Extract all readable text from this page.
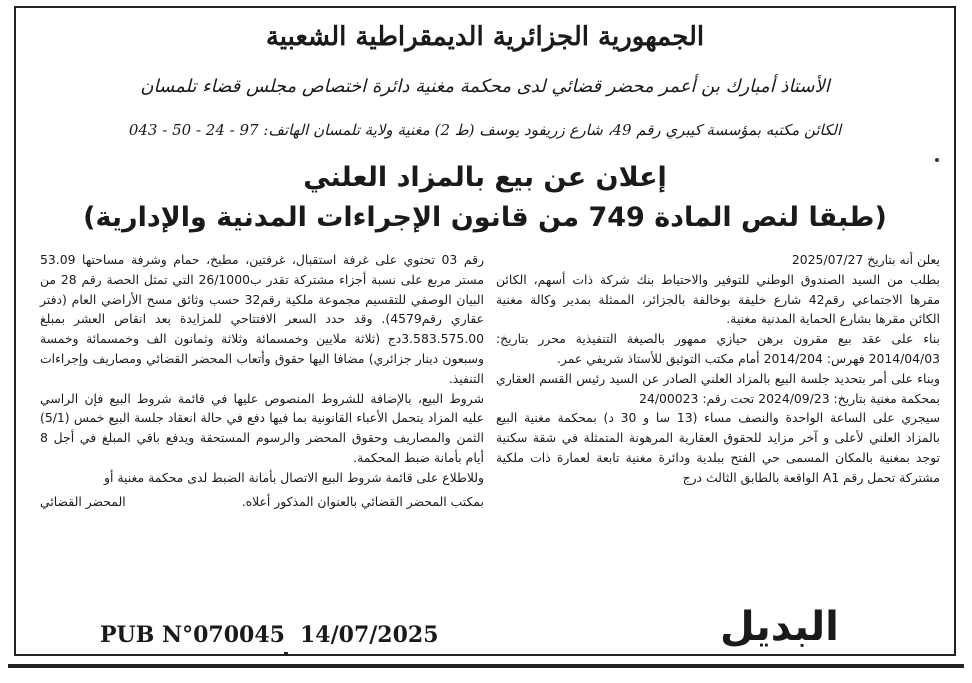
الجمهورية الجزائرية الديمقراطية الشعبية
الأستاذ أمبارك بن أعمر محضر قضائي لدى محكمة مغنية دائرة اختصاص مجلس قضاء تلمسان
الكائن مكتبه بمؤسسة كيبري رقم 49، شارع زريفود يوسف (ط 2) مغنية ولاية تلمسان الهاتف: 97 - 24 - 50 - 043
إعلان عن بيع بالمزاد العلني
(طبقا لنص المادة 749 من قانون الإجراءات المدنية والإدارية)

يعلن أنه بتاريخ 2025/07/27

بطلب من السيد الصندوق الوطني للتوفير والاحتياط بنك شركة ذات أسهم، الكائن مقرها الاجتماعي رقم42 شارع خليفة بوخالفة بالجزائر، الممثلة بمدير وكالة مغنية الكائن مقرها بشارع الحماية المدنية مغنية.

بناء على عقد بيع مقرون برهن حيازي ممهور بالصيغة التنفيذية محرر بتاريخ: 2014/04/03 فهرس: 2014/204 أمام مكتب التوثيق للأستاذ شريفي عمر.

وبناء على أمر بتحديد جلسة البيع بالمزاد العلني الصادر عن السيد رئيس القسم العقاري بمحكمة مغنية بتاريخ: 2024/09/23 تحت رقم: 24/00023

سيجري على الساعة الواحدة والنصف مساء (13 سا و 30 د) بمحكمة مغنية البيع بالمزاد العلني لأعلى و آخر مزايد للحقوق العقارية المرهونة المتمثلة في شقة سكنية توجد بمغنية بالمكان المسمى حي الفتح ببلدية ودائرة مغنية تابعة لعمارة ذات ملكية مشتركة تحمل رقم A1 الواقعة بالطابق الثالث درج

رقم 03 تحتوي على غرفة استقبال، غرفتين، مطبخ، حمام وشرفة مساحتها 53.09 مستر مربع على نسبة أجزاء مشتركة تقدر ب26/1000 التي تمثل الحصة رقم 28 من البيان الوصفي للتقسيم مجموعة ملكية رقم32 حسب وثائق مسح الأراضي العام (دفتر عقاري رقم4579). وقد حدد السعر الافتتاحي للمزايدة بعد انقاص العشر بمبلغ 3.583.575.00دج (ثلاثة ملايين وخمسمائة وثلاثة وثمانون الف وخمسمائة وخمسة وسبعون دينار جزائري) مضافا اليها حقوق وأتعاب المحضر القضائي ومصاريف وإجراءات التنفيذ.

شروط البيع، بالإضافة للشروط المنصوص عليها في قائمة شروط البيع فإن الراسي عليه المزاد يتحمل الأعباء القانونية بما فيها دفع في حالة انعقاد جلسة البيع خمس (5/1) الثمن والمصاريف وحقوق المحضر والرسوم المستحقة ويدفع باقي المبلغ في أجل 8 أيام بأمانة ضبط المحكمة.

وللاطلاع على قائمة شروط البيع الاتصال بأمانة الضبط لدى محكمة مغنية أو

بمكتب المحضر القضائي بالعنوان المذكور أعلاه.
المحضر القضائي
البديل
14/07/2025
PUB N°070045
